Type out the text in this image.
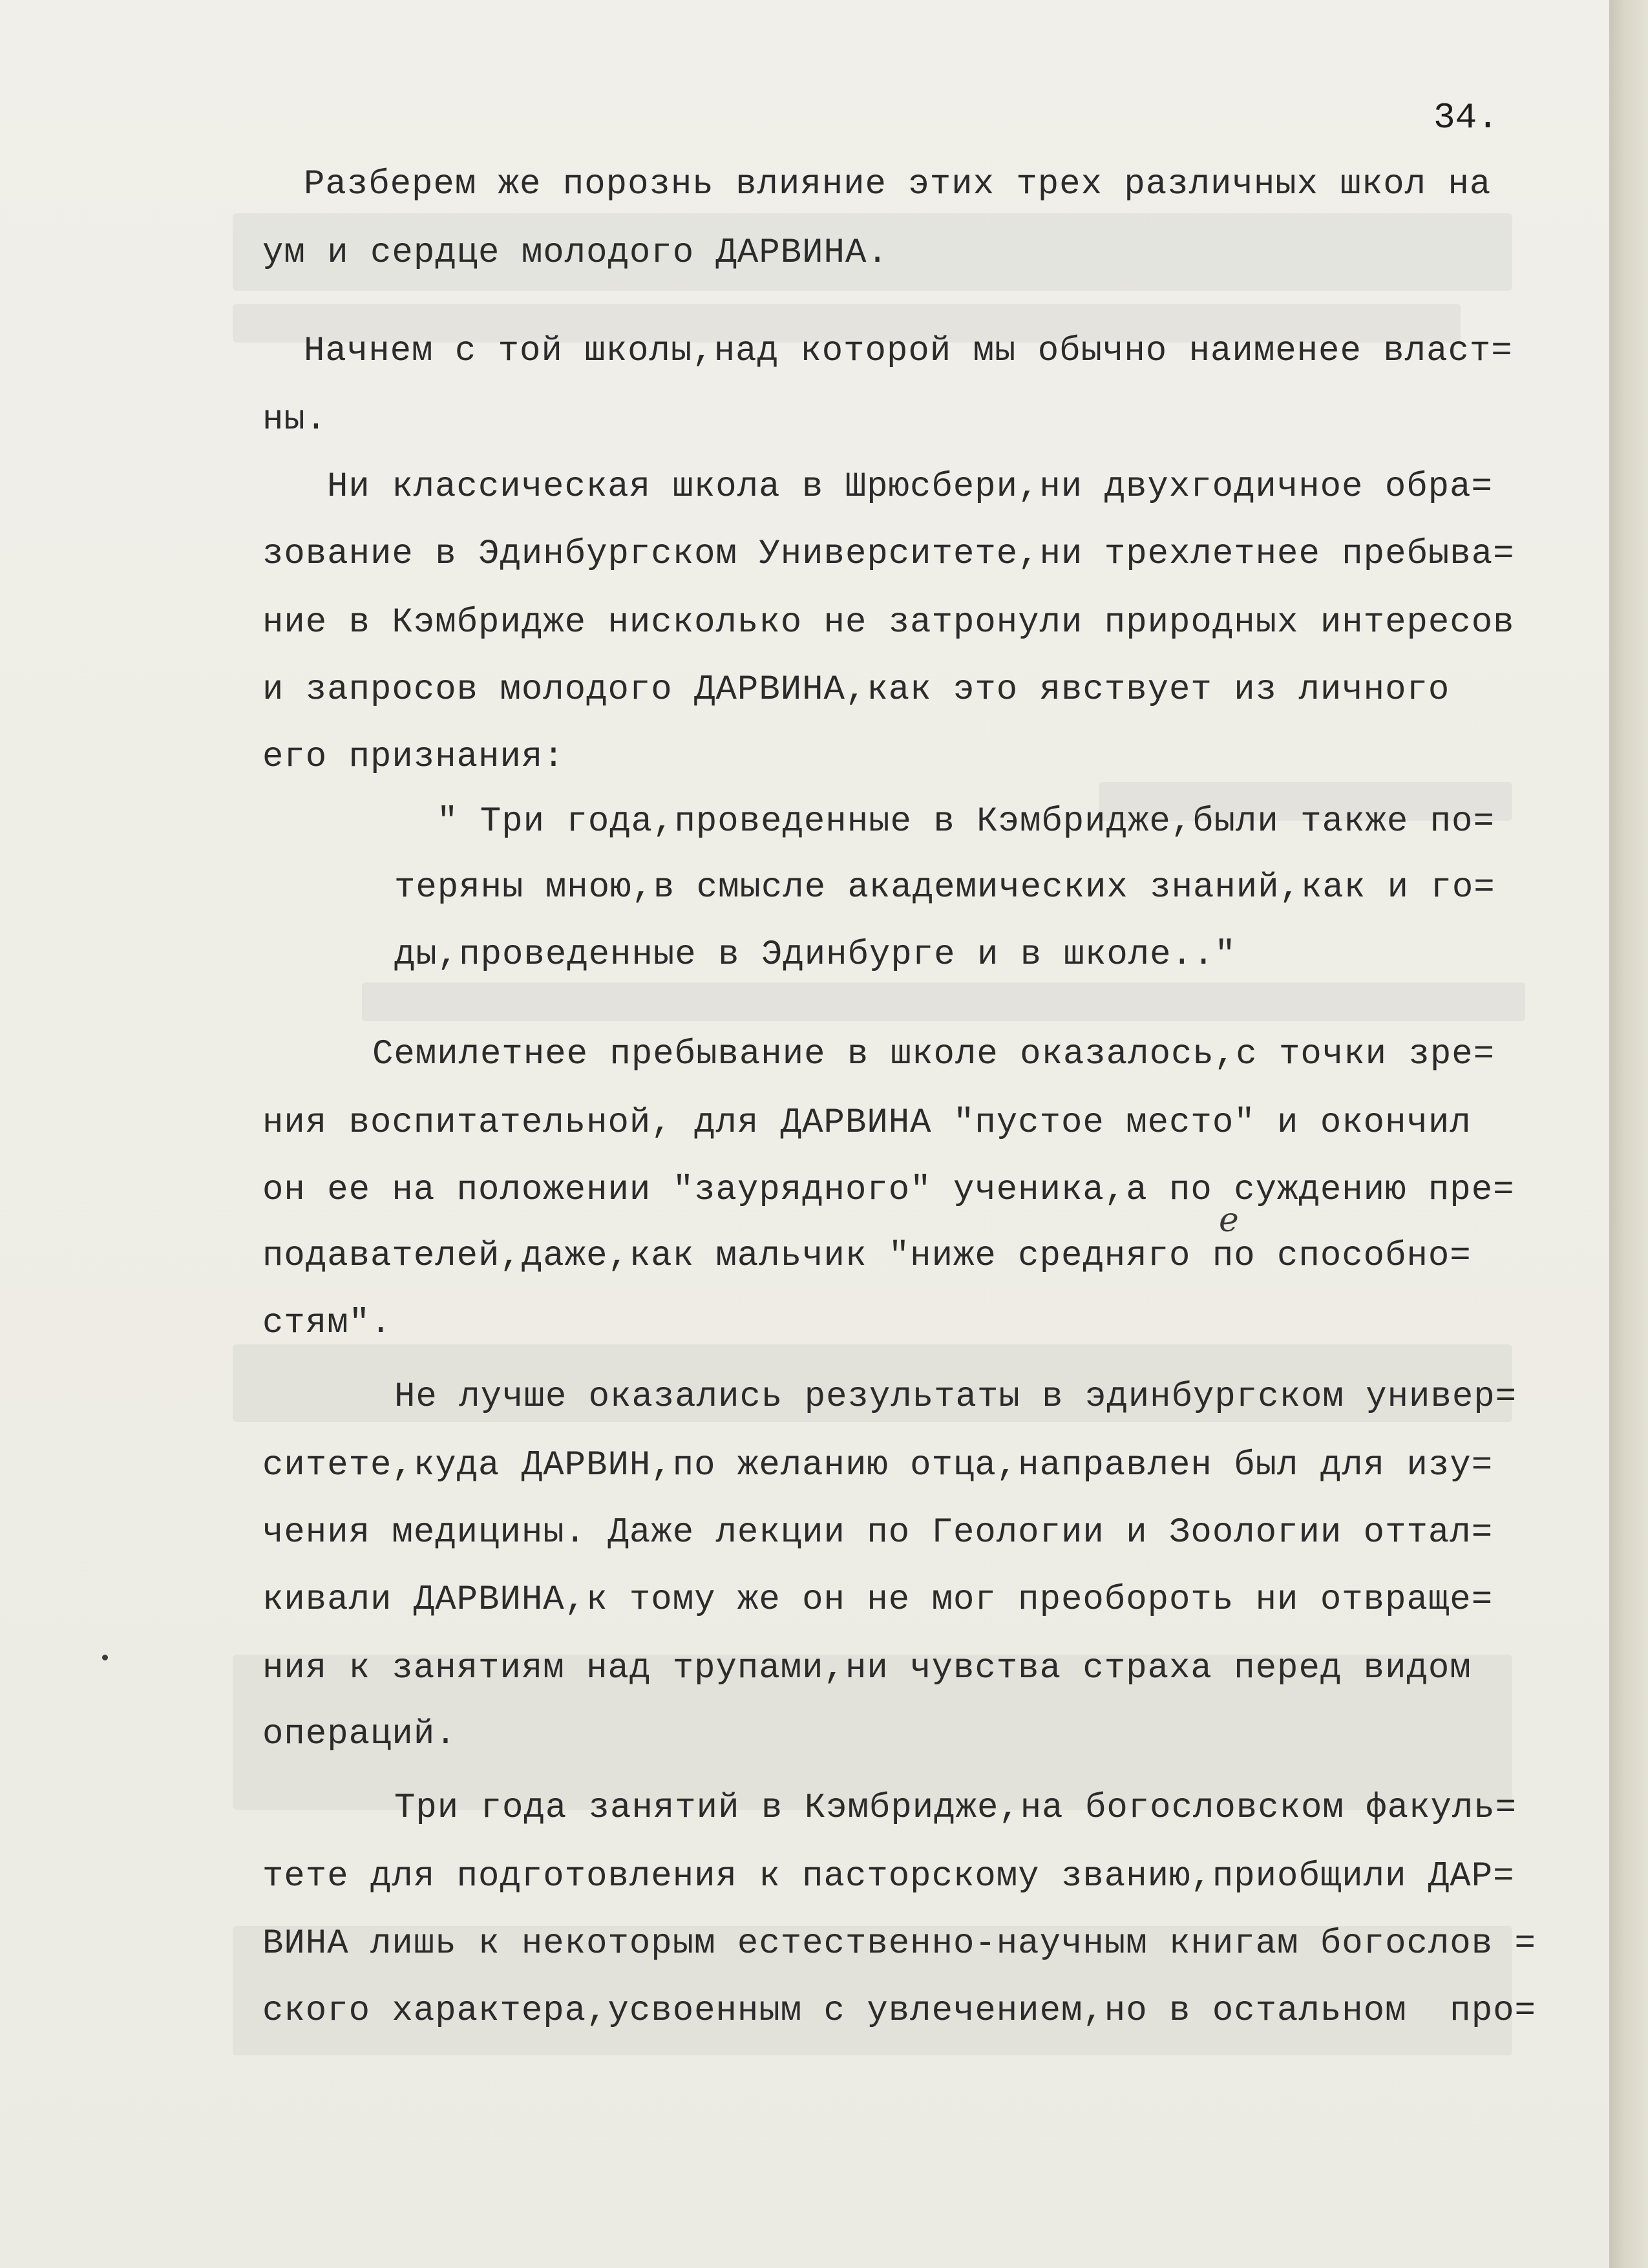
34.
Разберем же порознь влияние этих трех различных школ на
ум и сердце молодого ДАРВИНА.
Начнем с той школы,над которой мы обычно наименее власт=
ны.
Ни классическая школа в Шрюсбери,ни двухгодичное обра=
зование в Эдинбургском Университете,ни трехлетнее пребыва=
ние в Кэмбридже нисколько не затронули природных интересов
и запросов молодого ДАРВИНА,как это явствует из личного
его признания:
" Три года,проведенные в Кэмбридже,были также по=
теряны мною,в смысле академических знаний,как и го=
ды,проведенные в Эдинбурге и в школе.."
Семилетнее пребывание в школе оказалось,с точки зре=
ния воспитательной, для ДАРВИНА "пустое место" и окончил
он ее на положении "заурядного" ученика,а по суждению пре=
подавателей,даже,как мальчик "ниже средняго по способно=
стям".
Не лучше оказались результаты в эдинбургском универ=
ситете,куда ДАРВИН,по желанию отца,направлен был для изу=
чения медицины. Даже лекции по Геологии и Зоологии оттал=
кивали ДАРВИНА,к тому же он не мог преобороть ни отвраще=
ния к занятиям над трупами,ни чувства страха перед видом
операций.
Три года занятий в Кэмбридже,на богословском факуль=
тете для подготовления к пасторскому званию,приобщили ДАР=
ВИНА лишь к некоторым естественно-научным книгам богослов =
ского характера,усвоенным с увлечением,но в остальном  про=
e
